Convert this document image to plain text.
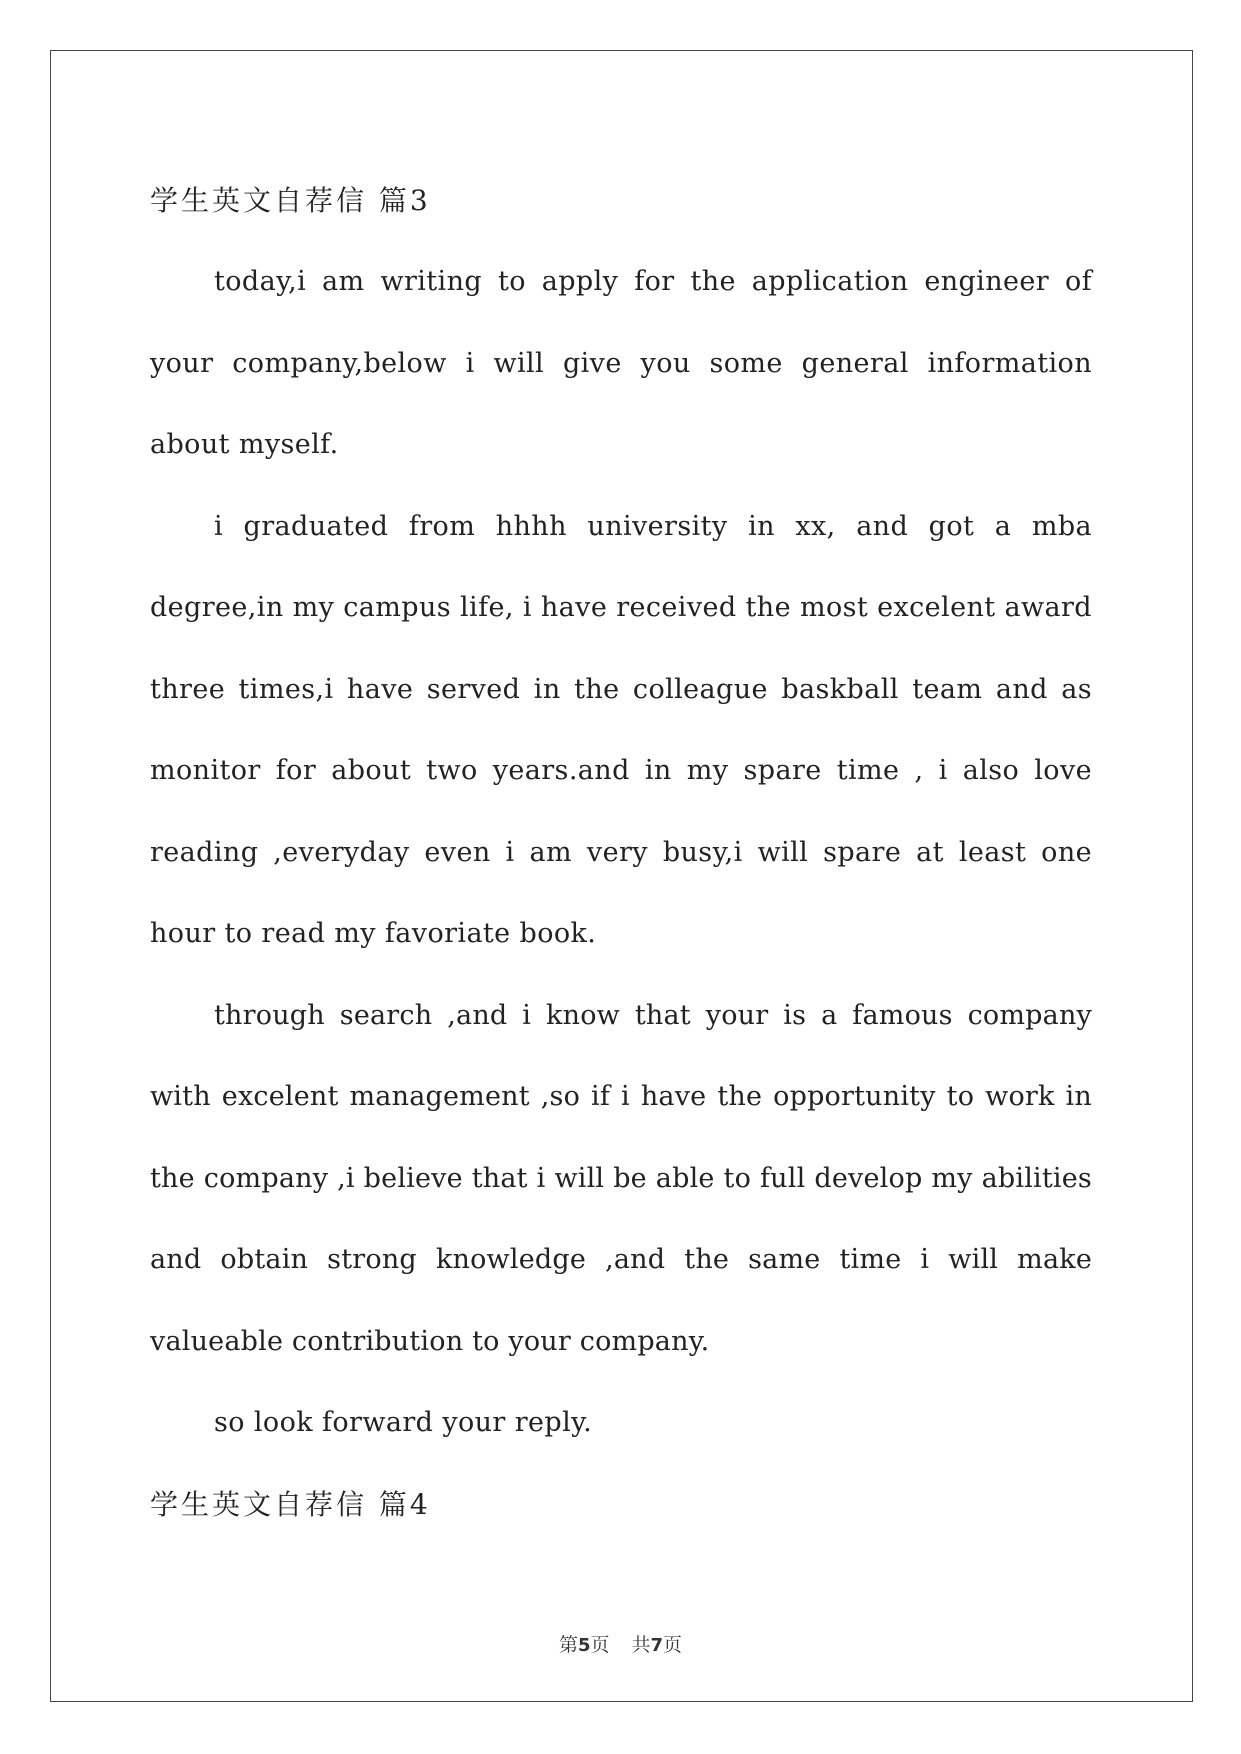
学生英文自荐信 篇3

today,i am writing to apply for the application engineer of your company,below i will give you some general information about myself.

i graduated from hhhh university in xx, and got a mba degree,in my campus life, i have received the most excelent award three times,i have served in the colleague baskball team and as monitor for about two years.and in my spare time , i also love reading ,everyday even i am very busy,i will spare at least one hour to read my favoriate book.

through search ,and i know that your is a famous company with excelent management ,so if i have the opportunity to work in the company ,i believe that i will be able to full develop my abilities and obtain strong knowledge ,and the same time i will make valueable contribution to your company.

so look forward your reply.

学生英文自荐信 篇4
第5页 共7页
